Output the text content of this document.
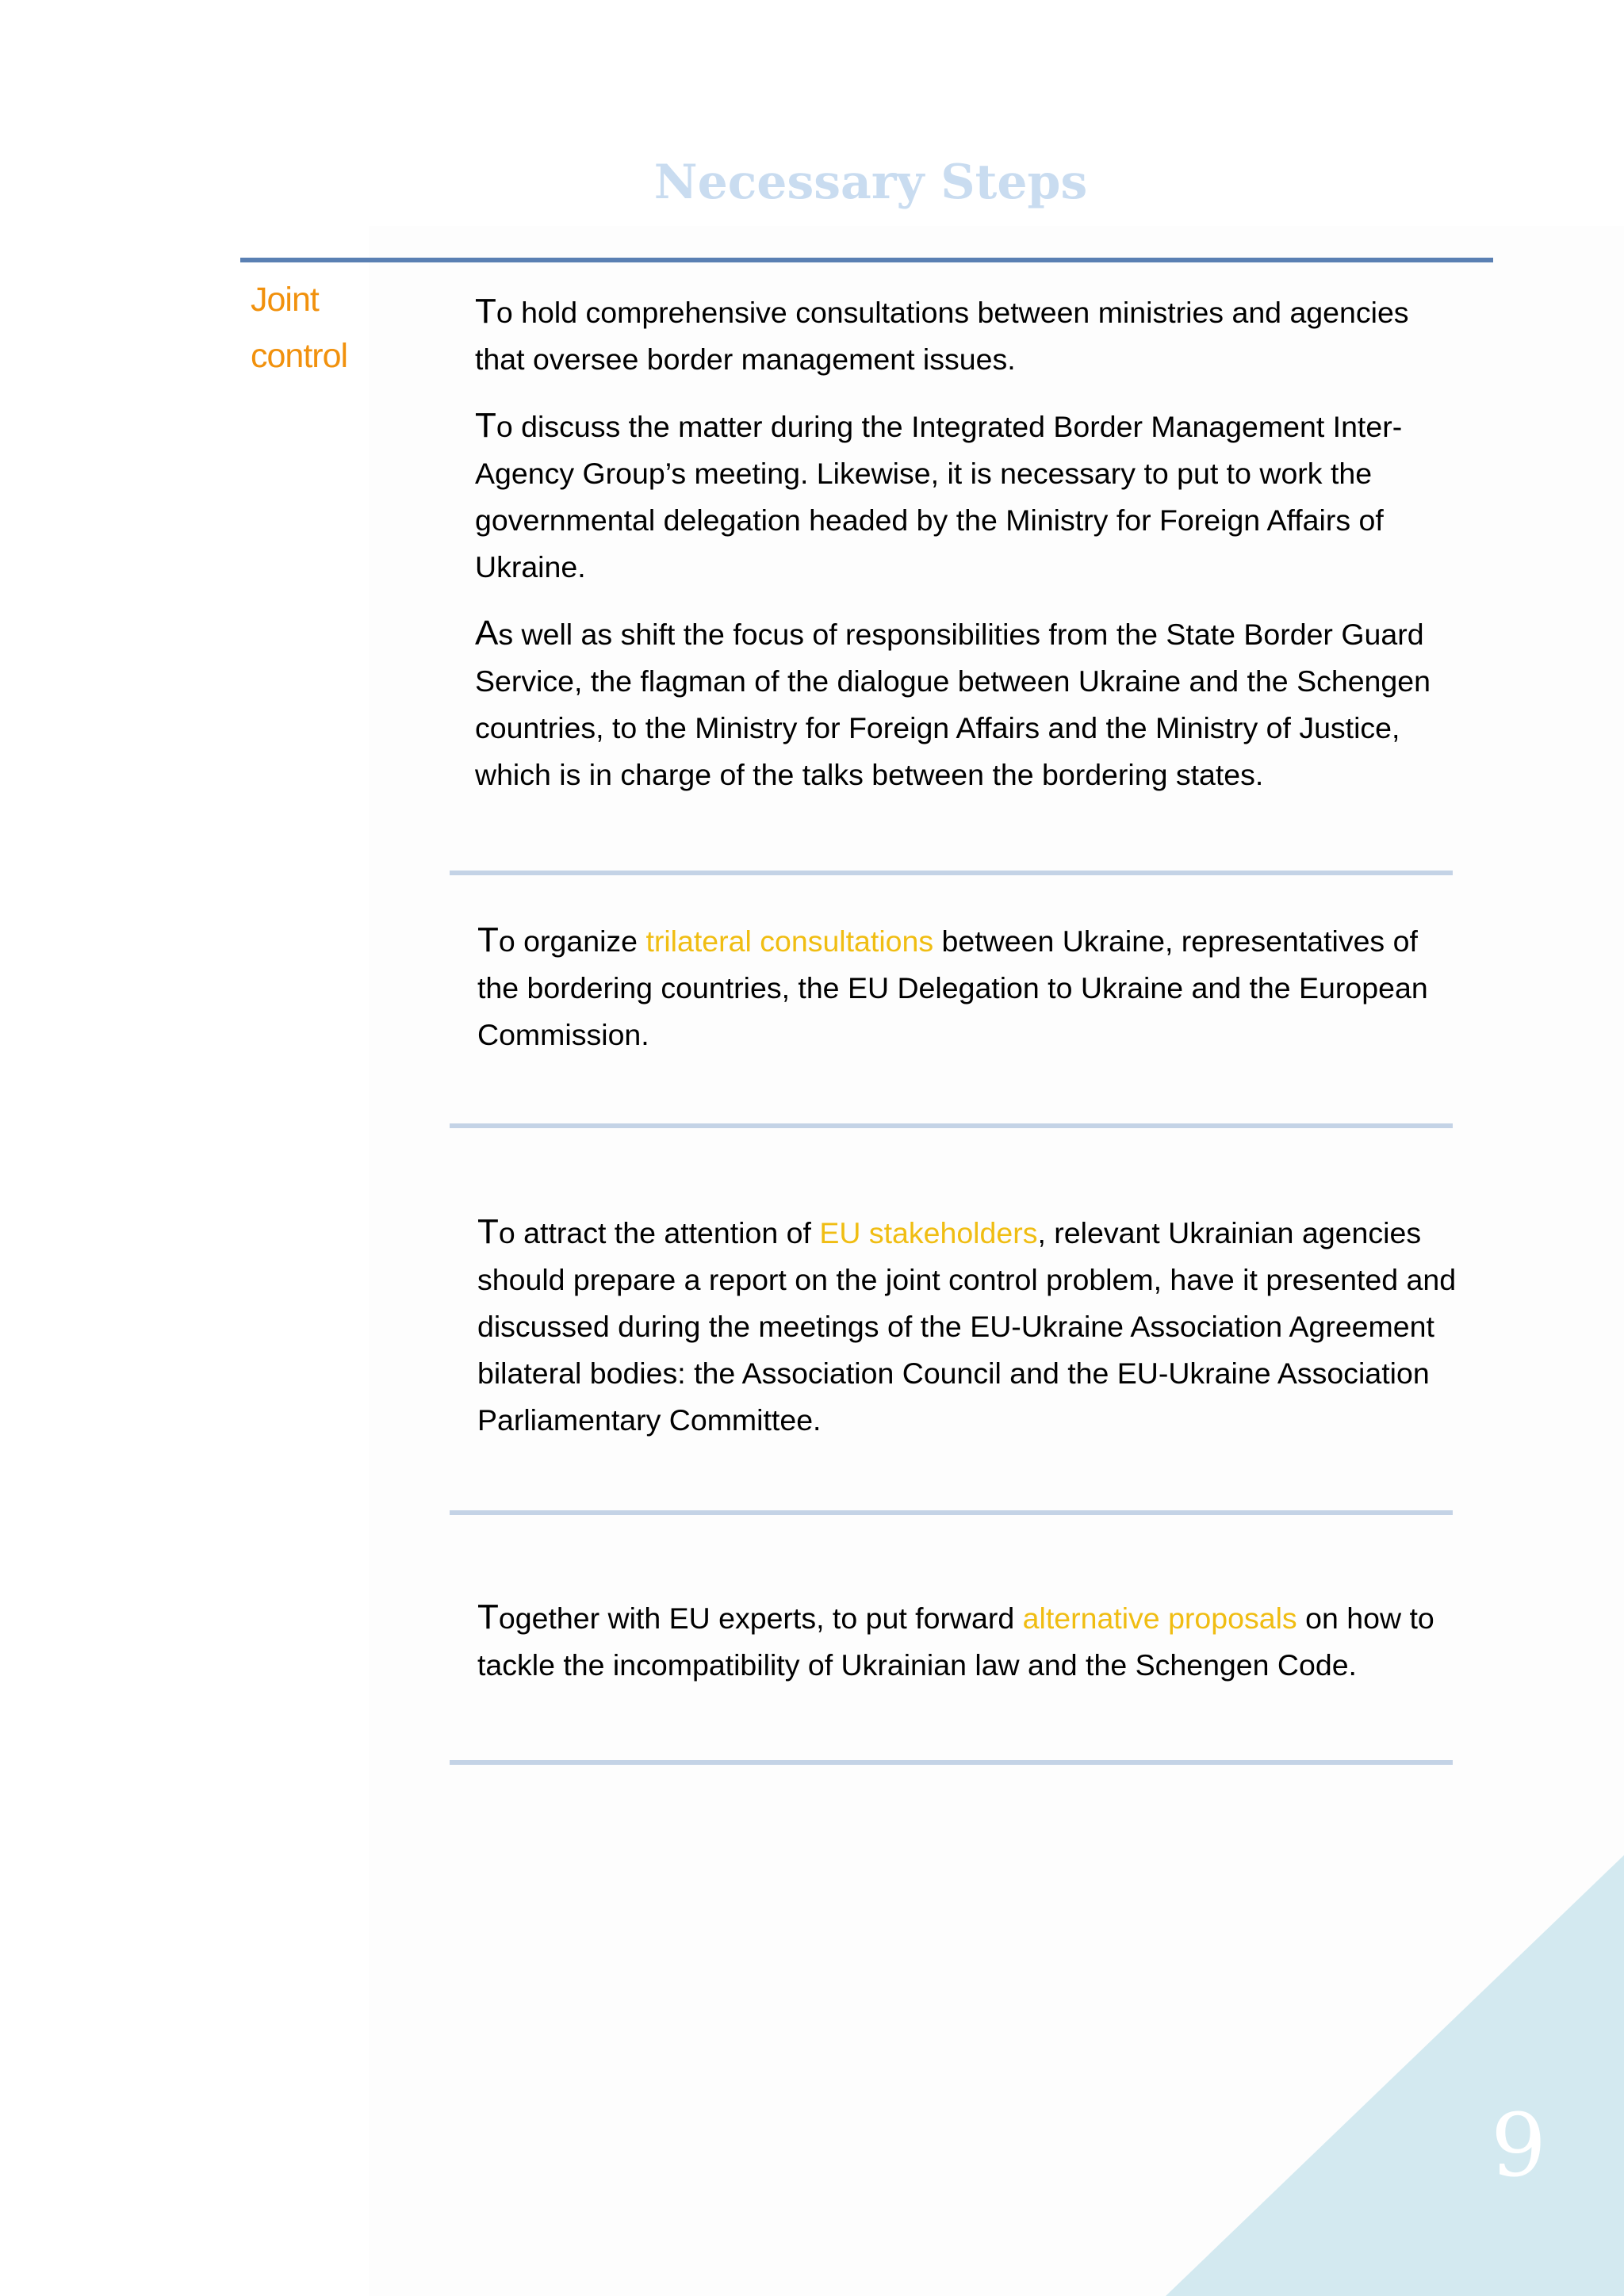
9
Necessary Steps
Joint control

To hold comprehensive consultations between ministries and agencies that oversee border management issues.

To discuss the matter during the Integrated Border Management Inter-Agency Group’s meeting. Likewise, it is necessary to put to work the governmental delegation headed by the Ministry for Foreign Affairs of Ukraine.

As well as shift the focus of responsibilities from the State Border Guard Service, the flagman of the dialogue between Ukraine and the Schengen countries, to the Ministry for Foreign Affairs and the Ministry of Justice, which is in charge of the talks between the bordering states.

To organize trilateral consultations between Ukraine, representatives of the bordering countries, the EU Delegation to Ukraine and the European Commission.

To attract the attention of EU stakeholders, relevant Ukrainian agencies should prepare a report on the joint control problem, have it presented and discussed during the meetings of the EU-Ukraine Association Agreement bilateral bodies: the Association Council and the EU-Ukraine Association Parliamentary Committee.

Together with EU experts, to put forward alternative proposals on how to tackle the incompatibility of Ukrainian law and the Schengen Code.
